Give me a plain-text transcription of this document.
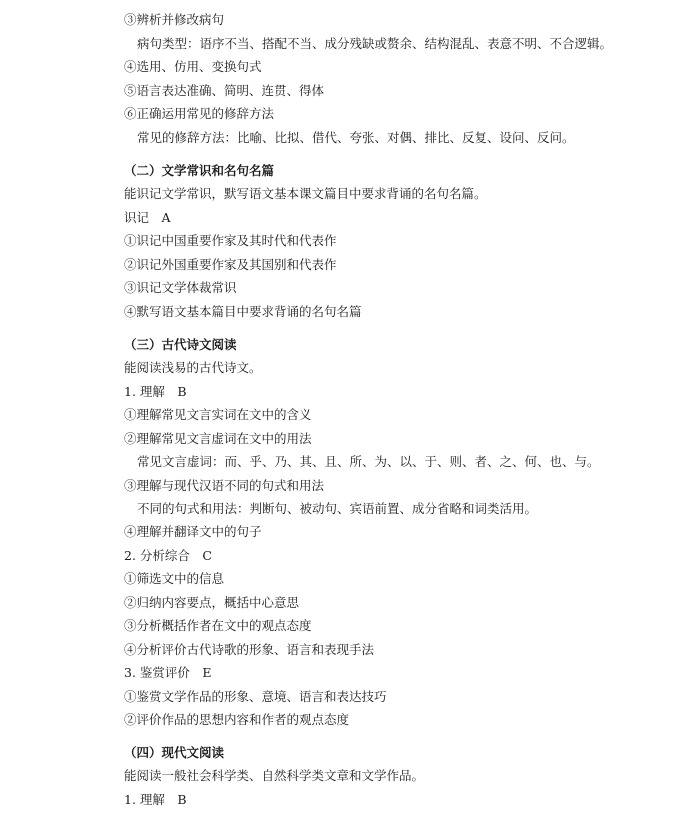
③辨析并修改病句
病句类型：语序不当、搭配不当、成分残缺或赘余、结构混乱、表意不明、不合逻辑。
④选用、仿用、变换句式
⑤语言表达准确、简明、连贯、得体
⑥正确运用常见的修辞方法
常见的修辞方法：比喻、比拟、借代、夸张、对偶、排比、反复、设问、反问。
（二）文学常识和名句名篇
能识记文学常识，默写语文基本课文篇目中要求背诵的名句名篇。
识记　A
①识记中国重要作家及其时代和代表作
②识记外国重要作家及其国别和代表作
③识记文学体裁常识
④默写语文基本篇目中要求背诵的名句名篇
（三）古代诗文阅读
能阅读浅易的古代诗文。
1. 理解　B
①理解常见文言实词在文中的含义
②理解常见文言虚词在文中的用法
常见文言虚词：而、乎、乃、其、且、所、为、以、于、则、者、之、何、也、与。
③理解与现代汉语不同的句式和用法
不同的句式和用法：判断句、被动句、宾语前置、成分省略和词类活用。
④理解并翻译文中的句子
2. 分析综合　C
①筛选文中的信息
②归纳内容要点，概括中心意思
③分析概括作者在文中的观点态度
④分析评价古代诗歌的形象、语言和表现手法
3. 鉴赏评价　E
①鉴赏文学作品的形象、意境、语言和表达技巧
②评价作品的思想内容和作者的观点态度
（四）现代文阅读
能阅读一般社会科学类、自然科学类文章和文学作品。
1. 理解　B
